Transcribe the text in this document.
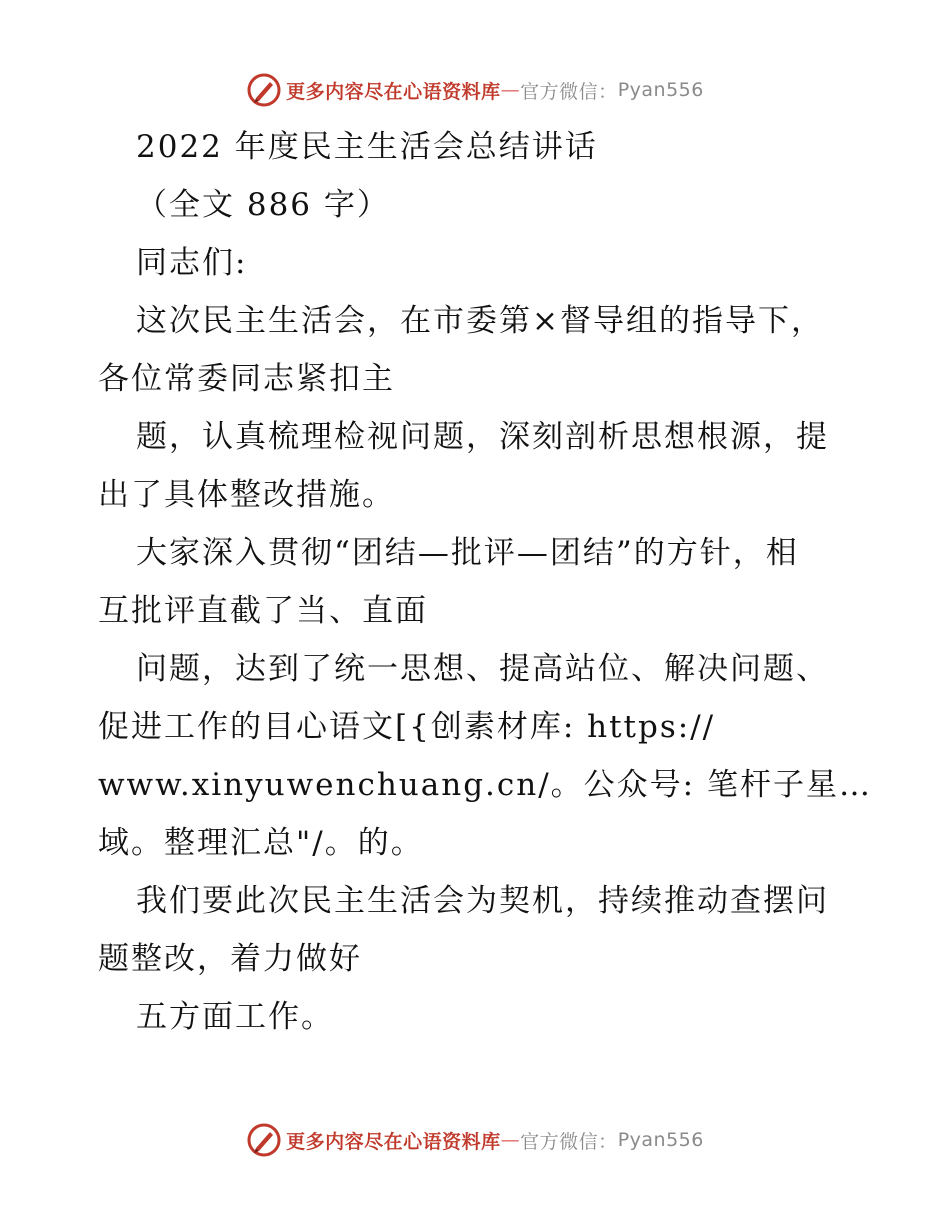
更多内容尽在心语资料库 — 官方微信： Pyan556
2022 年度民主生活会总结讲话
（全文 886 字）
同志们:
这次民主生活会，在市委第×督导组的指导下，
各位常委同志紧扣主
题，认真梳理检视问题，深刻剖析思想根源，提
出了具体整改措施。
大家深入贯彻“团结—批评—团结”的方针，相
互批评直截了当、直面
问题，达到了统一思想、提高站位、解决问题、
促进工作的目心语文[{创素材库: https://
www.xinyuwenchuang.cn/。公众号: 笔杆子星…
域。整理汇总"/。的。
我们要此次民主生活会为契机，持续推动查摆问
题整改，着力做好
五方面工作。
更多内容尽在心语资料库 — 官方微信： Pyan556
